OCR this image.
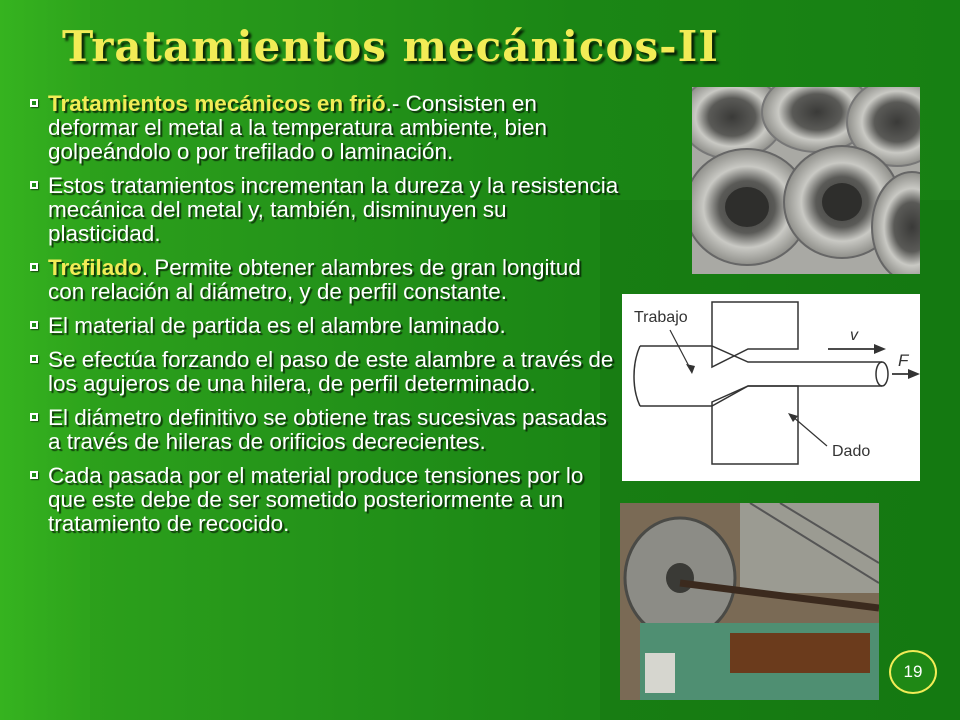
Tratamientos mecánicos-II
Tratamientos mecánicos en frió.- Consisten en deformar el metal a la temperatura ambiente, bien golpeándolo o por trefilado o laminación.
Estos tratamientos incrementan la dureza y la resistencia mecánica del metal y, también, disminuyen su plasticidad.
Trefilado. Permite obtener alambres de gran longitud con relación al diámetro, y de perfil constante.
El material de partida es el alambre laminado.
Se efectúa forzando el paso de este alambre a través de los agujeros de una hilera, de perfil determinado.
El diámetro definitivo se obtiene tras sucesivas pasadas a través de hileras de orificios decrecientes.
Cada pasada por el material produce tensiones por lo que este debe de ser sometido posteriormente a un tratamiento de recocido.
Trabajo
v
F
Dado
19
